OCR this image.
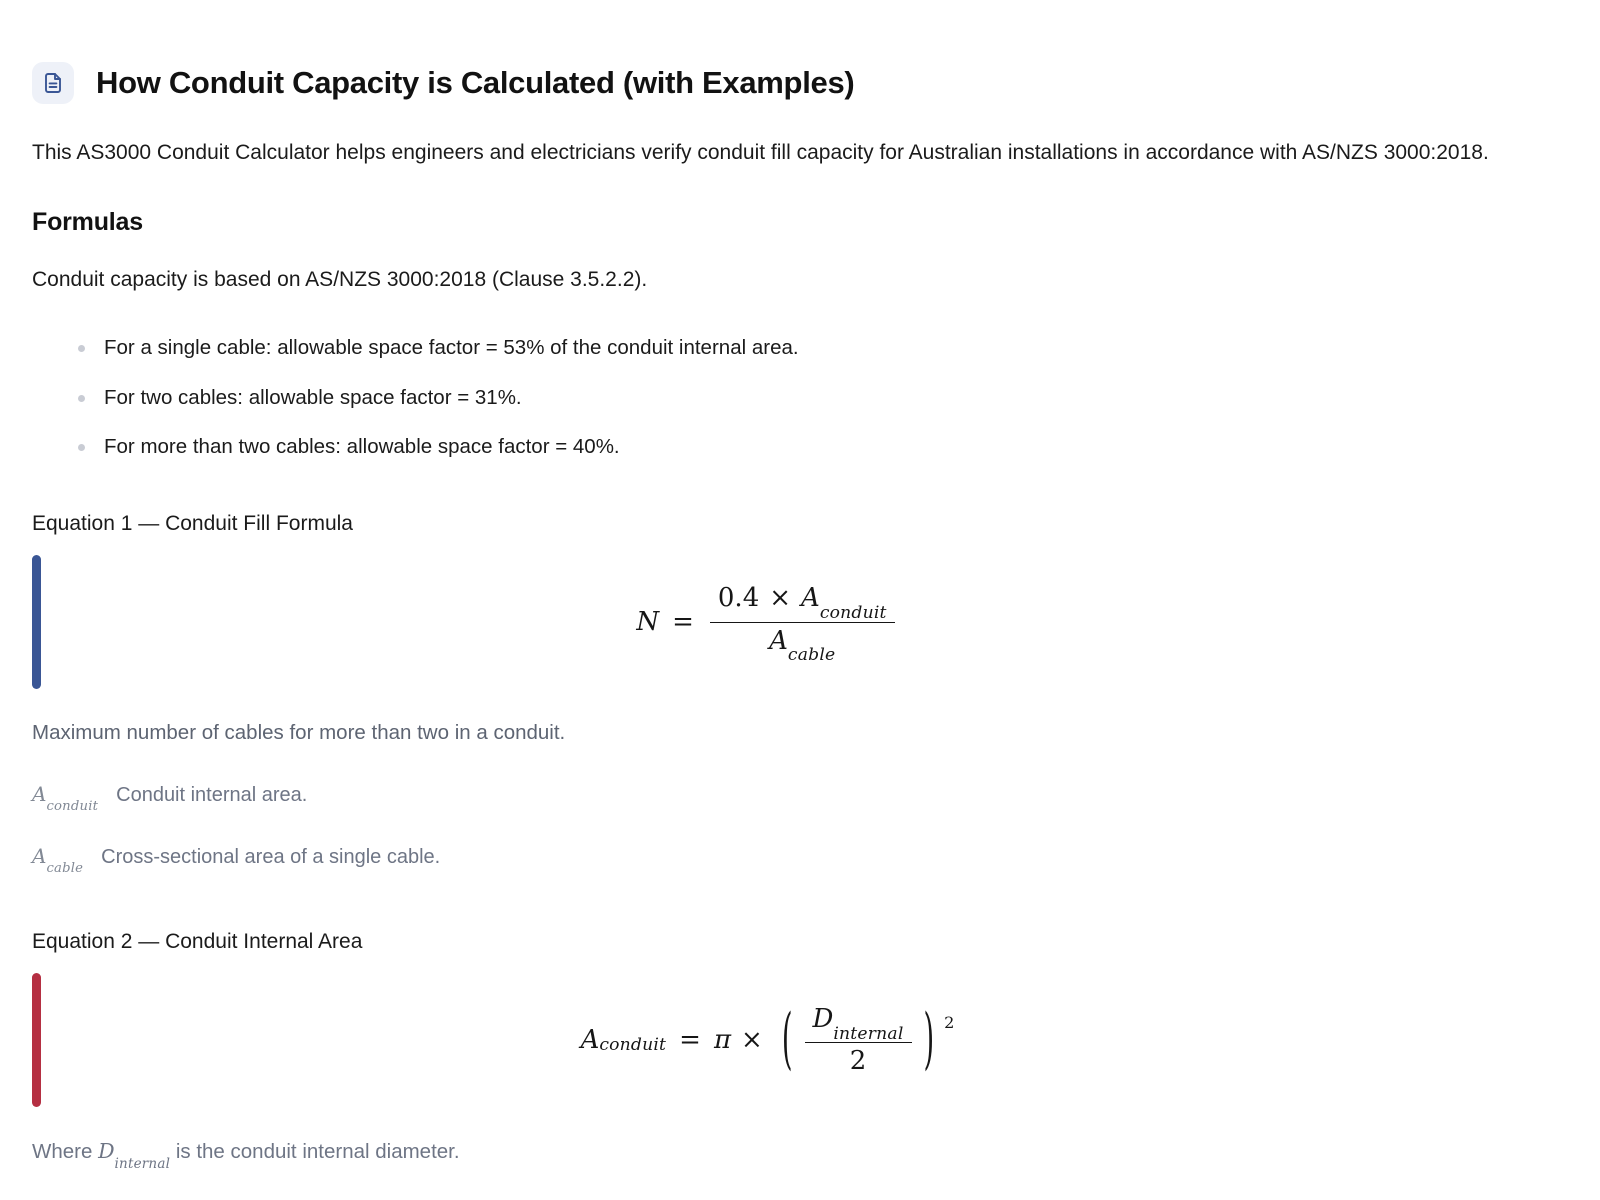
How Conduit Capacity is Calculated (with Examples)

This AS3000 Conduit Calculator helps engineers and electricians verify conduit fill capacity for Australian installations in accordance with AS/NZS 3000:2018.

Formulas

Conduit capacity is based on AS/NZS 3000:2018 (Clause 3.5.2.2).

For a single cable: allowable space factor = 53% of the conduit internal area.
For two cables: allowable space factor = 31%.
For more than two cables: allowable space factor = 40%.

Equation 1 — Conduit Fill Formula

$N = \frac{0.4 \times A_{conduit}}{A_{cable}}$

Maximum number of cables for more than two in a conduit.

$A_{conduit}$
Conduit internal area.
$A_{cable}$
Cross-sectional area of a single cable.

Equation 2 — Conduit Internal Area

A conduit = π × ( $\frac{D_{internal}}{2}$ ) 2

Where $D_{internal}$ is the conduit internal diameter.
